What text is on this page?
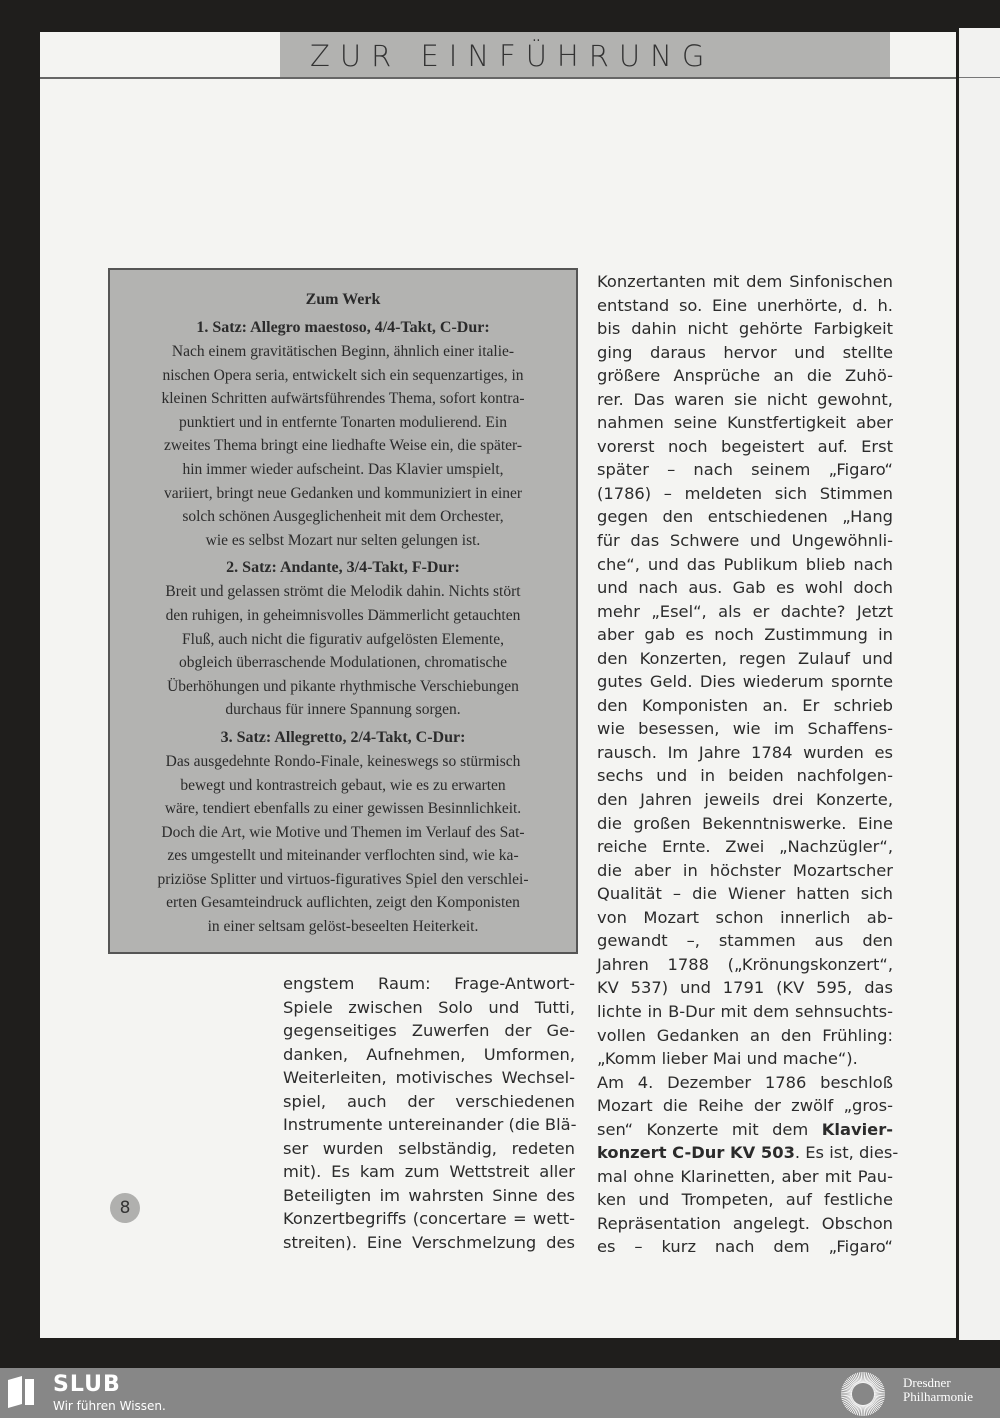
ZUR EINFÜHRUNG
Zum Werk
1. Satz: Allegro maestoso, 4/4-Takt, C-Dur:
Nach einem gravitätischen Beginn, ähnlich einer italie-
nischen Opera seria, entwickelt sich ein sequenzartiges, in
kleinen Schritten aufwärtsführendes Thema, sofort kontra-
punktiert und in entfernte Tonarten modulierend. Ein
zweites Thema bringt eine liedhafte Weise ein, die später-
hin immer wieder aufscheint. Das Klavier umspielt,
variiert, bringt neue Gedanken und kommuniziert in einer
solch schönen Ausgeglichenheit mit dem Orchester,
wie es selbst Mozart nur selten gelungen ist.
2. Satz: Andante, 3/4-Takt, F-Dur:
Breit und gelassen strömt die Melodik dahin. Nichts stört
den ruhigen, in geheimnisvolles Dämmerlicht getauchten
Fluß, auch nicht die figurativ aufgelösten Elemente,
obgleich überraschende Modulationen, chromatische
Überhöhungen und pikante rhythmische Verschiebungen
durchaus für innere Spannung sorgen.
3. Satz: Allegretto, 2/4-Takt, C-Dur:
Das ausgedehnte Rondo-Finale, keineswegs so stürmisch
bewegt und kontrastreich gebaut, wie es zu erwarten
wäre, tendiert ebenfalls zu einer gewissen Besinnlichkeit.
Doch die Art, wie Motive und Themen im Verlauf des Sat-
zes umgestellt und miteinander verflochten sind, wie ka-
priziöse Splitter und virtuos-figuratives Spiel den verschlei-
erten Gesamteindruck auflichten, zeigt den Komponisten
in einer seltsam gelöst-beseelten Heiterkeit.
engstem Raum: Frage-Antwort-
Spiele zwischen Solo und Tutti,
gegenseitiges Zuwerfen der Ge-
danken, Aufnehmen, Umformen,
Weiterleiten, motivisches Wechsel-
spiel, auch der verschiedenen
Instrumente untereinander (die Blä-
ser wurden selbständig, redeten
mit). Es kam zum Wettstreit aller
Beteiligten im wahrsten Sinne des
Konzertbegriffs (concertare = wett-
streiten). Eine Verschmelzung des
Konzertanten mit dem Sinfonischen
entstand so. Eine unerhörte, d. h.
bis dahin nicht gehörte Farbigkeit
ging daraus hervor und stellte
größere Ansprüche an die Zuhö-
rer. Das waren sie nicht gewohnt,
nahmen seine Kunstfertigkeit aber
vorerst noch begeistert auf. Erst
später – nach seinem „Figaro“
(1786) – meldeten sich Stimmen
gegen den entschiedenen „Hang
für das Schwere und Ungewöhnli-
che“, und das Publikum blieb nach
und nach aus. Gab es wohl doch
mehr „Esel“, als er dachte? Jetzt
aber gab es noch Zustimmung in
den Konzerten, regen Zulauf und
gutes Geld. Dies wiederum spornte
den Komponisten an. Er schrieb
wie besessen, wie im Schaffens-
rausch. Im Jahre 1784 wurden es
sechs und in beiden nachfolgen-
den Jahren jeweils drei Konzerte,
die großen Bekenntniswerke. Eine
reiche Ernte. Zwei „Nachzügler“,
die aber in höchster Mozartscher
Qualität – die Wiener hatten sich
von Mozart schon innerlich ab-
gewandt –, stammen aus den
Jahren 1788 („Krönungskonzert“,
KV 537) und 1791 (KV 595, das
lichte in B-Dur mit dem sehnsuchts-
vollen Gedanken an den Frühling:
„Komm lieber Mai und mache“).
Am 4. Dezember 1786 beschloß
Mozart die Reihe der zwölf „gros-
sen“ Konzerte mit dem Klavier-
konzert C-Dur KV 503. Es ist, dies-
mal ohne Klarinetten, aber mit Pau-
ken und Trompeten, auf festliche
Repräsentation angelegt. Obschon
es – kurz nach dem „Figaro“
8
SLUB
Wir führen Wissen.
Dresdner
Philharmonie
